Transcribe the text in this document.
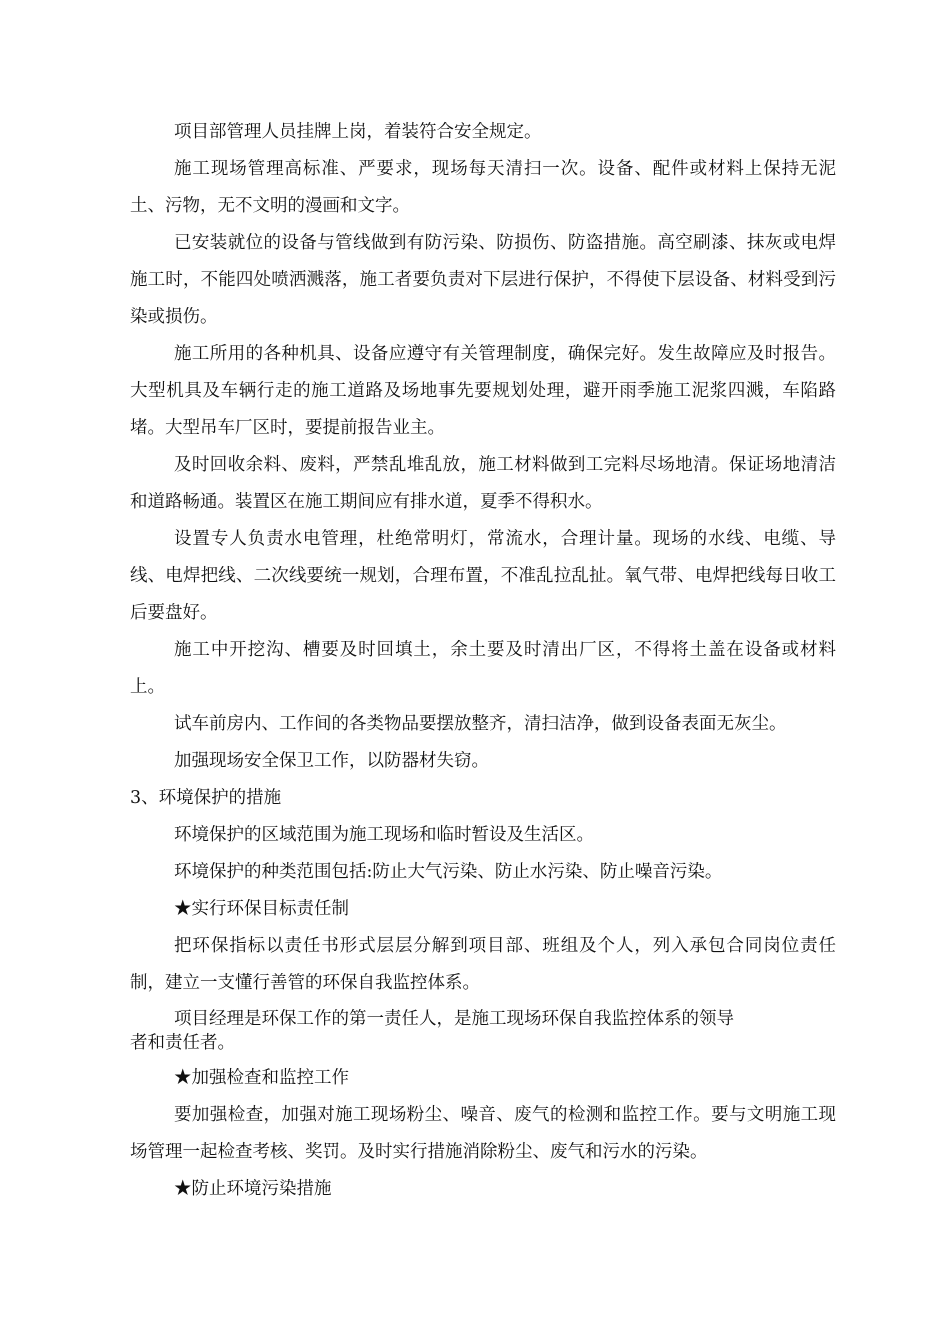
项目部管理人员挂牌上岗，着装符合安全规定。

施工现场管理高标准、严要求，现场每天清扫一次。设备、配件或材料上保持无泥土、污物，无不文明的漫画和文字。

已安装就位的设备与管线做到有防污染、防损伤、防盗措施。高空刷漆、抹灰或电焊施工时，不能四处喷洒溅落，施工者要负责对下层进行保护，不得使下层设备、材料受到污染或损伤。

施工所用的各种机具、设备应遵守有关管理制度，确保完好。发生故障应及时报告。大型机具及车辆行走的施工道路及场地事先要规划处理，避开雨季施工泥浆四溅，车陷路堵。大型吊车厂区时，要提前报告业主。

及时回收余料、废料，严禁乱堆乱放，施工材料做到工完料尽场地清。保证场地清洁和道路畅通。装置区在施工期间应有排水道，夏季不得积水。

设置专人负责水电管理，杜绝常明灯，常流水，合理计量。现场的水线、电缆、导线、电焊把线、二次线要统一规划，合理布置，不准乱拉乱扯。氧气带、电焊把线每日收工后要盘好。

施工中开挖沟、槽要及时回填土，余土要及时清出厂区，不得将土盖在设备或材料上。

试车前房内、工作间的各类物品要摆放整齐，清扫洁净，做到设备表面无灰尘。

加强现场安全保卫工作，以防器材失窃。

3、环境保护的措施

环境保护的区域范围为施工现场和临时暂设及生活区。

环境保护的种类范围包括:防止大气污染、防止水污染、防止噪音污染。

★实行环保目标责任制

把环保指标以责任书形式层层分解到项目部、班组及个人，列入承包合同岗位责任制，建立一支懂行善管的环保自我监控体系。

项目经理是环保工作的第一责任人，是施工现场环保自我监控体系的领导

者和责任者。

★加强检查和监控工作

要加强检查，加强对施工现场粉尘、噪音、废气的检测和监控工作。要与文明施工现场管理一起检查考核、奖罚。及时实行措施消除粉尘、废气和污水的污染。

★防止环境污染措施
